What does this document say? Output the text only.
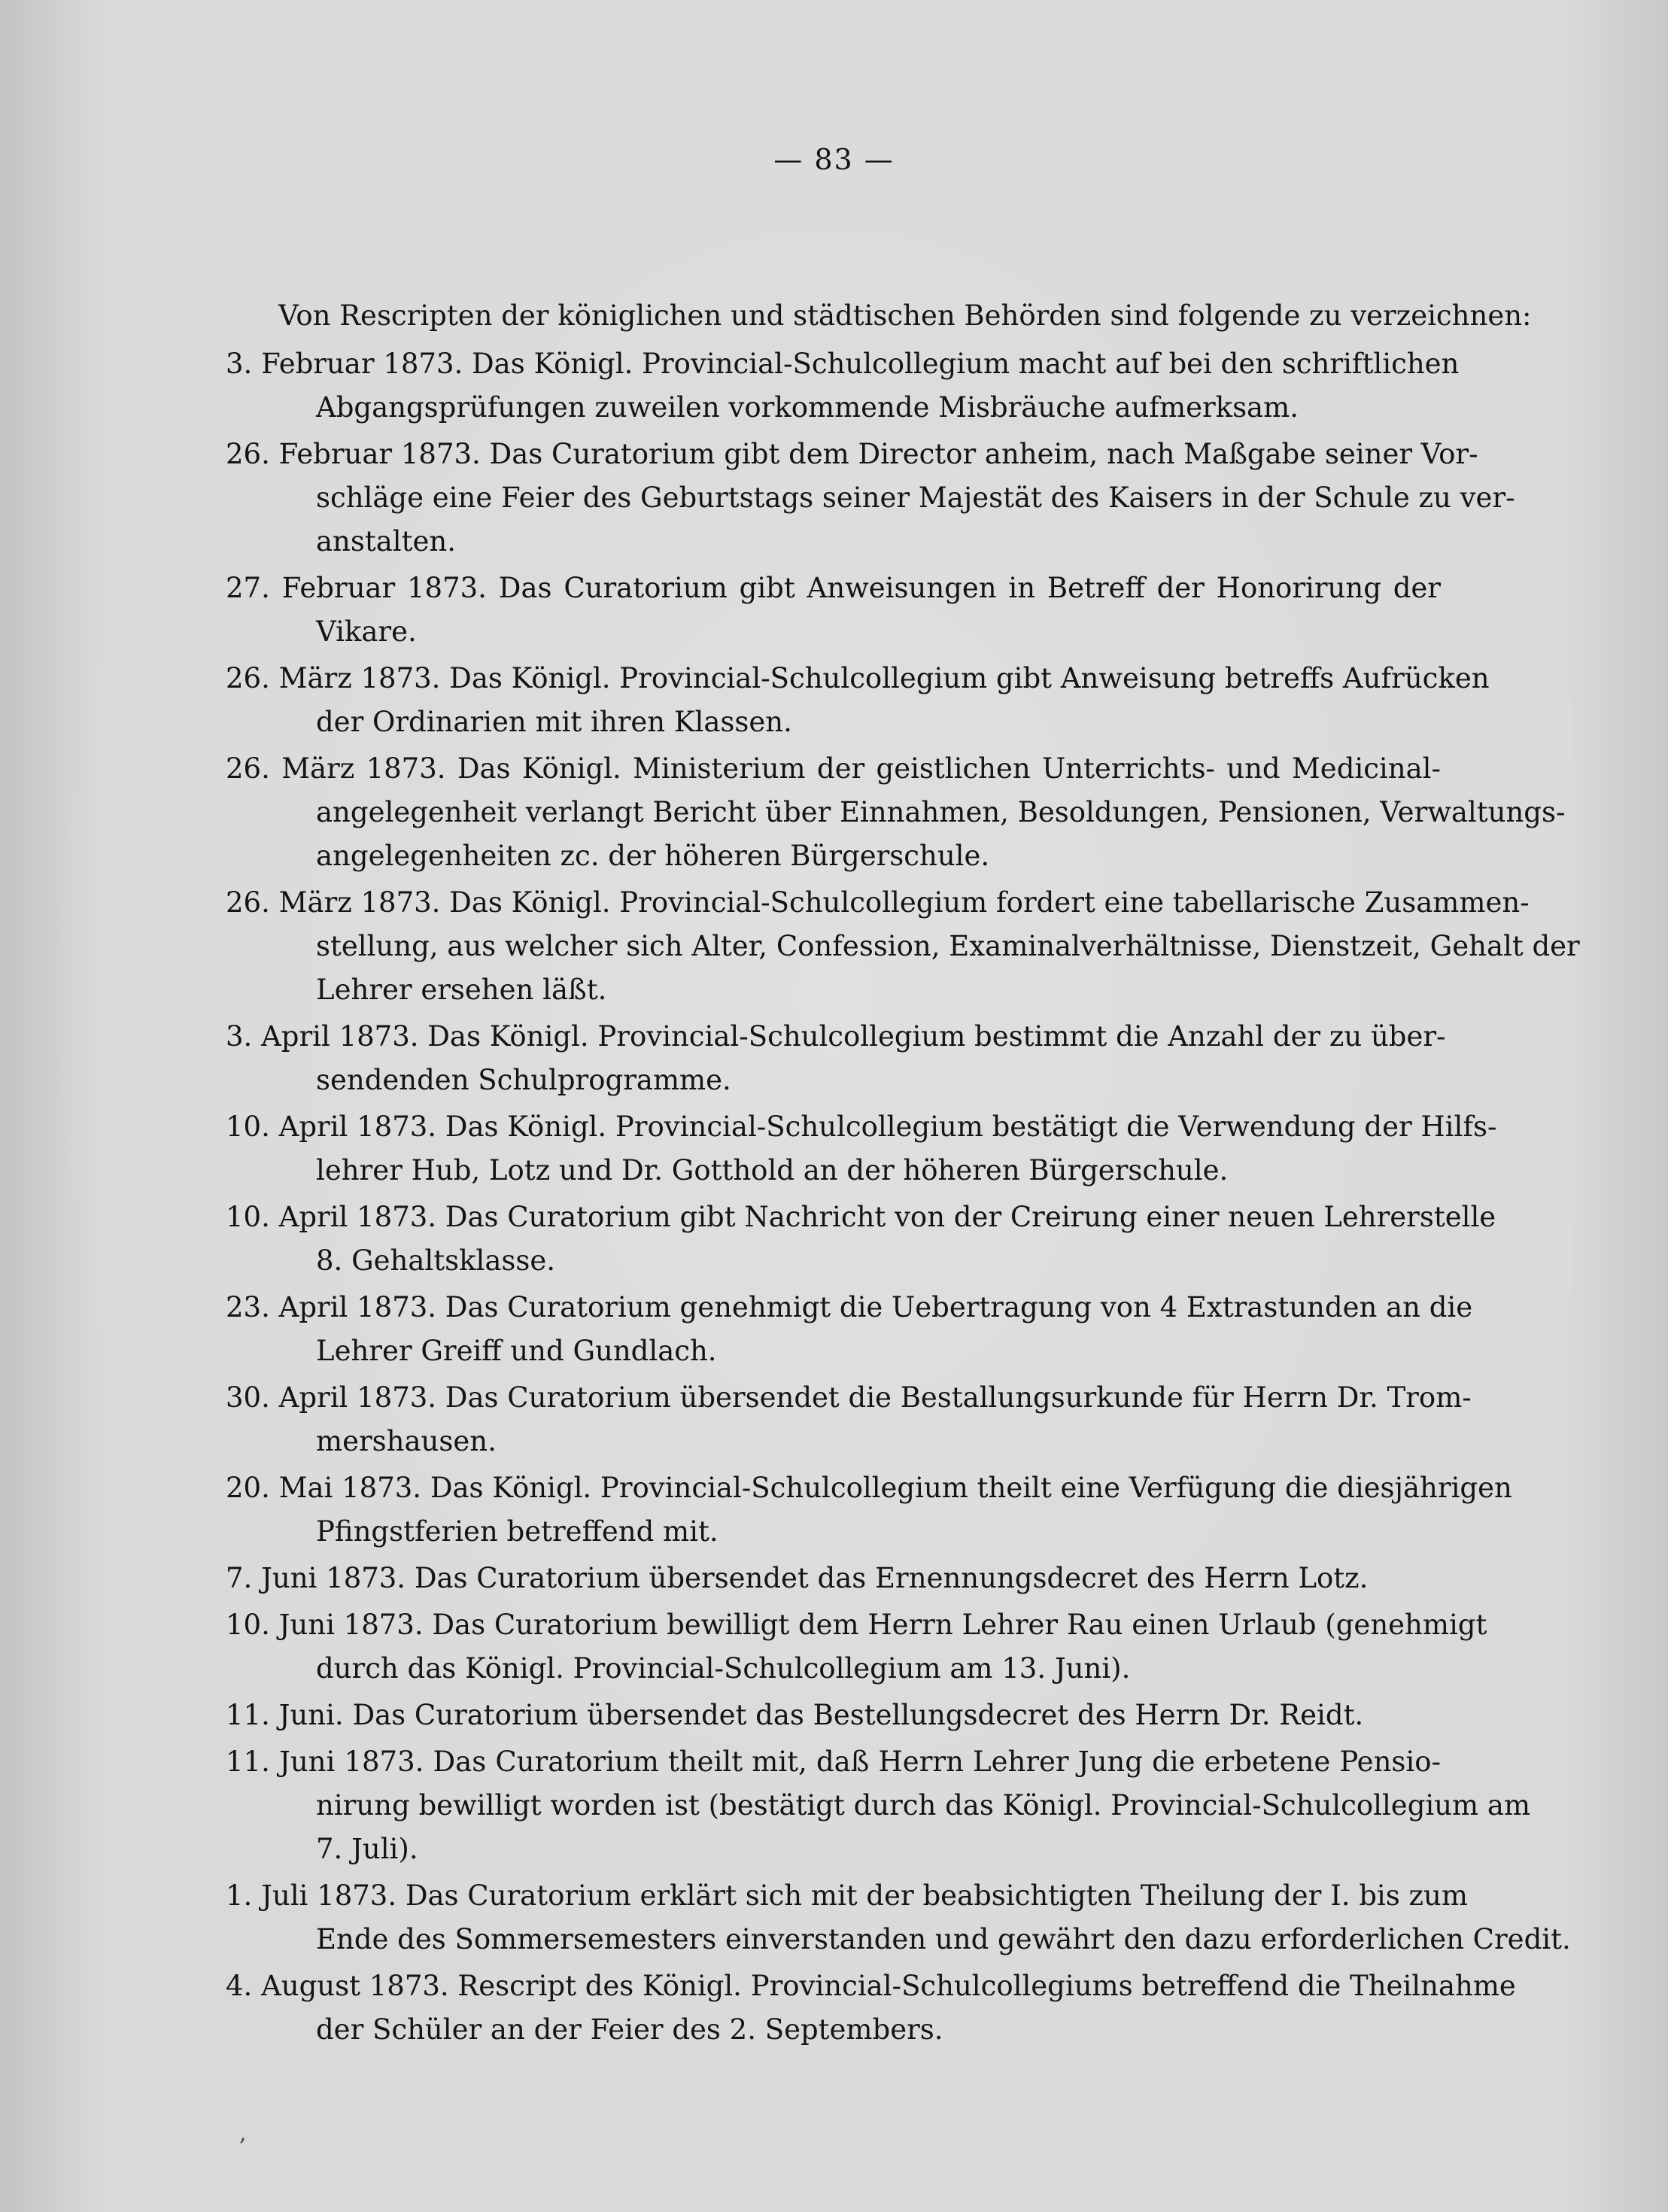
— 83 —
Von Rescripten der königlichen und städtischen Behörden sind folgende zu verzeichnen:
3. Februar 1873. Das Königl. Provincial-Schulcollegium macht auf bei den schriftlichen
Abgangsprüfungen zuweilen vorkommende Misbräuche aufmerksam.
26. Februar 1873. Das Curatorium gibt dem Director anheim, nach Maßgabe seiner Vor-
schläge eine Feier des Geburtstags seiner Majestät des Kaisers in der Schule zu ver-
anstalten.
27. Februar 1873. Das Curatorium gibt Anweisungen in Betreff der Honorirung der
Vikare.
26. März 1873. Das Königl. Provincial-Schulcollegium gibt Anweisung betreffs Aufrücken
der Ordinarien mit ihren Klassen.
26. März 1873. Das Königl. Ministerium der geistlichen Unterrichts- und Medicinal-
angelegenheit verlangt Bericht über Einnahmen, Besoldungen, Pensionen, Verwaltungs-
angelegenheiten zc. der höheren Bürgerschule.
26. März 1873. Das Königl. Provincial-Schulcollegium fordert eine tabellarische Zusammen-
stellung, aus welcher sich Alter, Confession, Examinalverhältnisse, Dienstzeit, Gehalt der
Lehrer ersehen läßt.
3. April 1873. Das Königl. Provincial-Schulcollegium bestimmt die Anzahl der zu über-
sendenden Schulprogramme.
10. April 1873. Das Königl. Provincial-Schulcollegium bestätigt die Verwendung der Hilfs-
lehrer Hub, Lotz und Dr. Gotthold an der höheren Bürgerschule.
10. April 1873. Das Curatorium gibt Nachricht von der Creirung einer neuen Lehrerstelle
8. Gehaltsklasse.
23. April 1873. Das Curatorium genehmigt die Uebertragung von 4 Extrastunden an die
Lehrer Greiff und Gundlach.
30. April 1873. Das Curatorium übersendet die Bestallungsurkunde für Herrn Dr. Trom-
mershausen.
20. Mai 1873. Das Königl. Provincial-Schulcollegium theilt eine Verfügung die diesjährigen
Pfingstferien betreffend mit.
7. Juni 1873. Das Curatorium übersendet das Ernennungsdecret des Herrn Lotz.
10. Juni 1873. Das Curatorium bewilligt dem Herrn Lehrer Rau einen Urlaub (genehmigt
durch das Königl. Provincial-Schulcollegium am 13. Juni).
11. Juni. Das Curatorium übersendet das Bestellungsdecret des Herrn Dr. Reidt.
11. Juni 1873. Das Curatorium theilt mit, daß Herrn Lehrer Jung die erbetene Pensio-
nirung bewilligt worden ist (bestätigt durch das Königl. Provincial-Schulcollegium am
7. Juli).
1. Juli 1873. Das Curatorium erklärt sich mit der beabsichtigten Theilung der I. bis zum
Ende des Sommersemesters einverstanden und gewährt den dazu erforderlichen Credit.
4. August 1873. Rescript des Königl. Provincial-Schulcollegiums betreffend die Theilnahme
der Schüler an der Feier des 2. Septembers.
,
